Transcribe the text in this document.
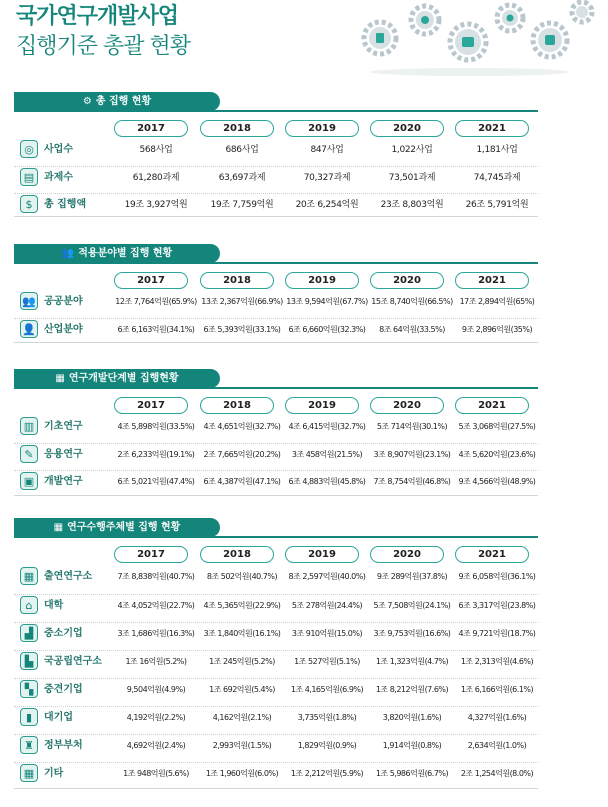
국가연구개발사업
집행기준 총괄 현황
⚙ 총 집행 현황
2017	2018	2019	2020	2021
◎	사업수	568사업	686사업	847사업	1,022사업	1,181사업
▤ 과제수	61,280과제	63,697과제	70,327과제	73,501과제	74,745과제
$	총 집행액	19조 3,927억원	19조 7,759억원	20조 6,254억원	23조 8,803억원	26조 5,791억원
👥 적용분야별 집행 현황
2017	2018	2019	2020	2021
👥 공공분야	12조 7,764억원(65.9%) 13조 2,367억원(66.9%) 13조 9,594억원(67.7%) 15조 8,740억원(66.5%) 17조 2,894억원(65%)
👤 산업분야	6조 6,163억원(34.1%)	6조 5,393억원(33.1%)	6조 6,660억원(32.3%)	8조 64억원(33.5%)	9조 2,896억원(35%)
▦ 연구개발단계별 집행현황
2017	2018	2019	2020	2021
▥ 기초연구	4조 5,898억원(33.5%)	4조 4,651억원(32.7%)	4조 6,415억원(32.7%)	5조 714억원(30.1%)	5조 3,068억원(27.5%)
✎	응용연구	2조 6,233억원(19.1%)	2조 7,665억원(20.2%)	3조 458억원(21.5%)	3조 8,907억원(23.1%)	4조 5,620억원(23.6%)
▣ 개발연구	6조 5,021억원(47.4%)	6조 4,387억원(47.1%)	6조 4,883억원(45.8%)	7조 8,754억원(46.8%)	9조 4,566억원(48.9%)
▦ 연구수행주체별 집행 현황
2017	2018	2019	2020	2021
▦ 출연연구소	7조 8,838억원(40.7%)	8조 502억원(40.7%)	8조 2,597억원(40.0%)	9조 289억원(37.8%)	9조 6,058억원(36.1%)
⌂	대학	4조 4,052억원(22.7%)	4조 5,365억원(22.9%)	5조 278억원(24.4%)	5조 7,508억원(24.1%)	6조 3,317억원(23.8%)
▟	중소기업	3조 1,686억원(16.3%)	3조 1,840억원(16.1%)	3조 910억원(15.0%)	3조 9,753억원(16.6%)	4조 9,721억원(18.7%)
▙	국공립연구소	1조 16억원(5.2%)	1조 245억원(5.2%)	1조 527억원(5.1%)	1조 1,323억원(4.7%)	1조 2,313억원(4.6%)
▚	중견기업	9,504억원(4.9%)	1조 692억원(5.4%)	1조 4,165억원(6.9%)	1조 8,212억원(7.6%)	1조 6,166억원(6.1%)
▮	대기업	4,192억원(2.2%)	4,162억원(2.1%)	3,735억원(1.8%)	3,820억원(1.6%)	4,327억원(1.6%)
♜	정부부처	4,692억원(2.4%)	2,993억원(1.5%)	1,829억원(0.9%)	1,914억원(0.8%)	2,634억원(1.0%)
▦ 기타	1조 948억원(5.6%)	1조 1,960억원(6.0%)	1조 2,212억원(5.9%)	1조 5,986억원(6.7%)	2조 1,254억원(8.0%)
